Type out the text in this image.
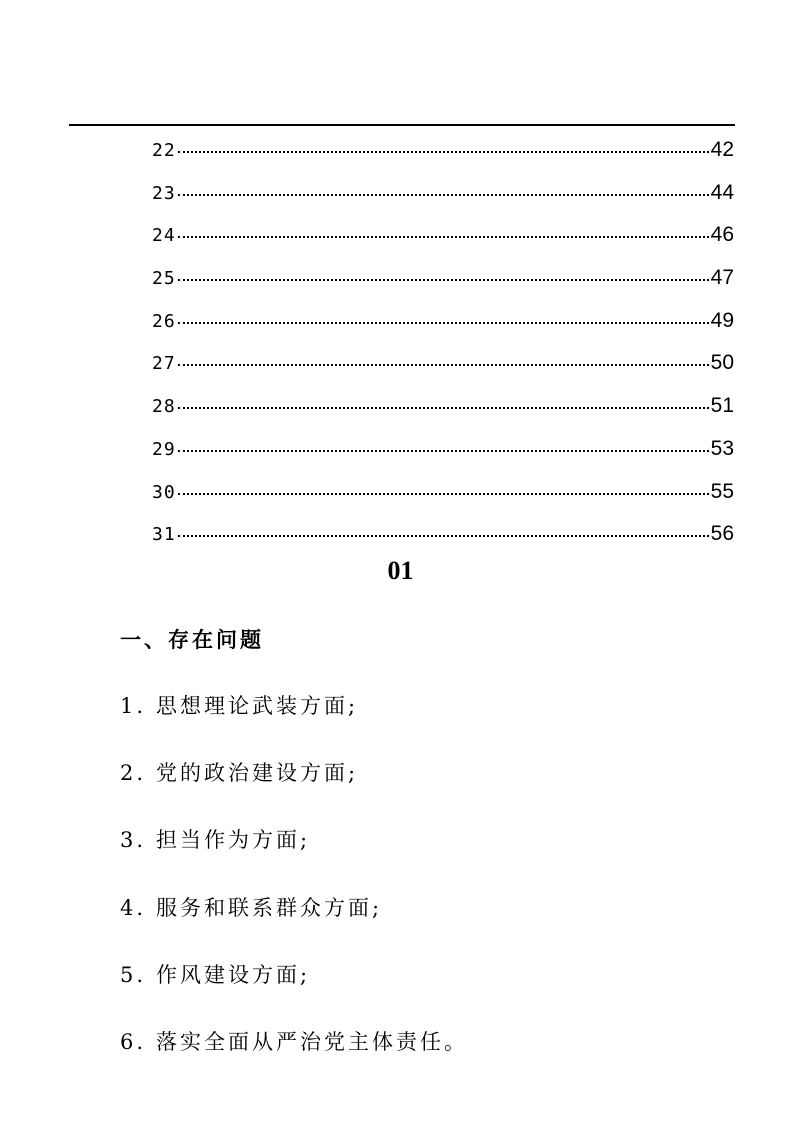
22	42
23	44
24	46
25	47
26	49
27	50
28	51
29	53
30	55
31	56
01
一、存在问题
1. 思想理论武装方面;
2. 党的政治建设方面;
3. 担当作为方面;
4. 服务和联系群众方面;
5. 作风建设方面;
6. 落实全面从严治党主体责任。
